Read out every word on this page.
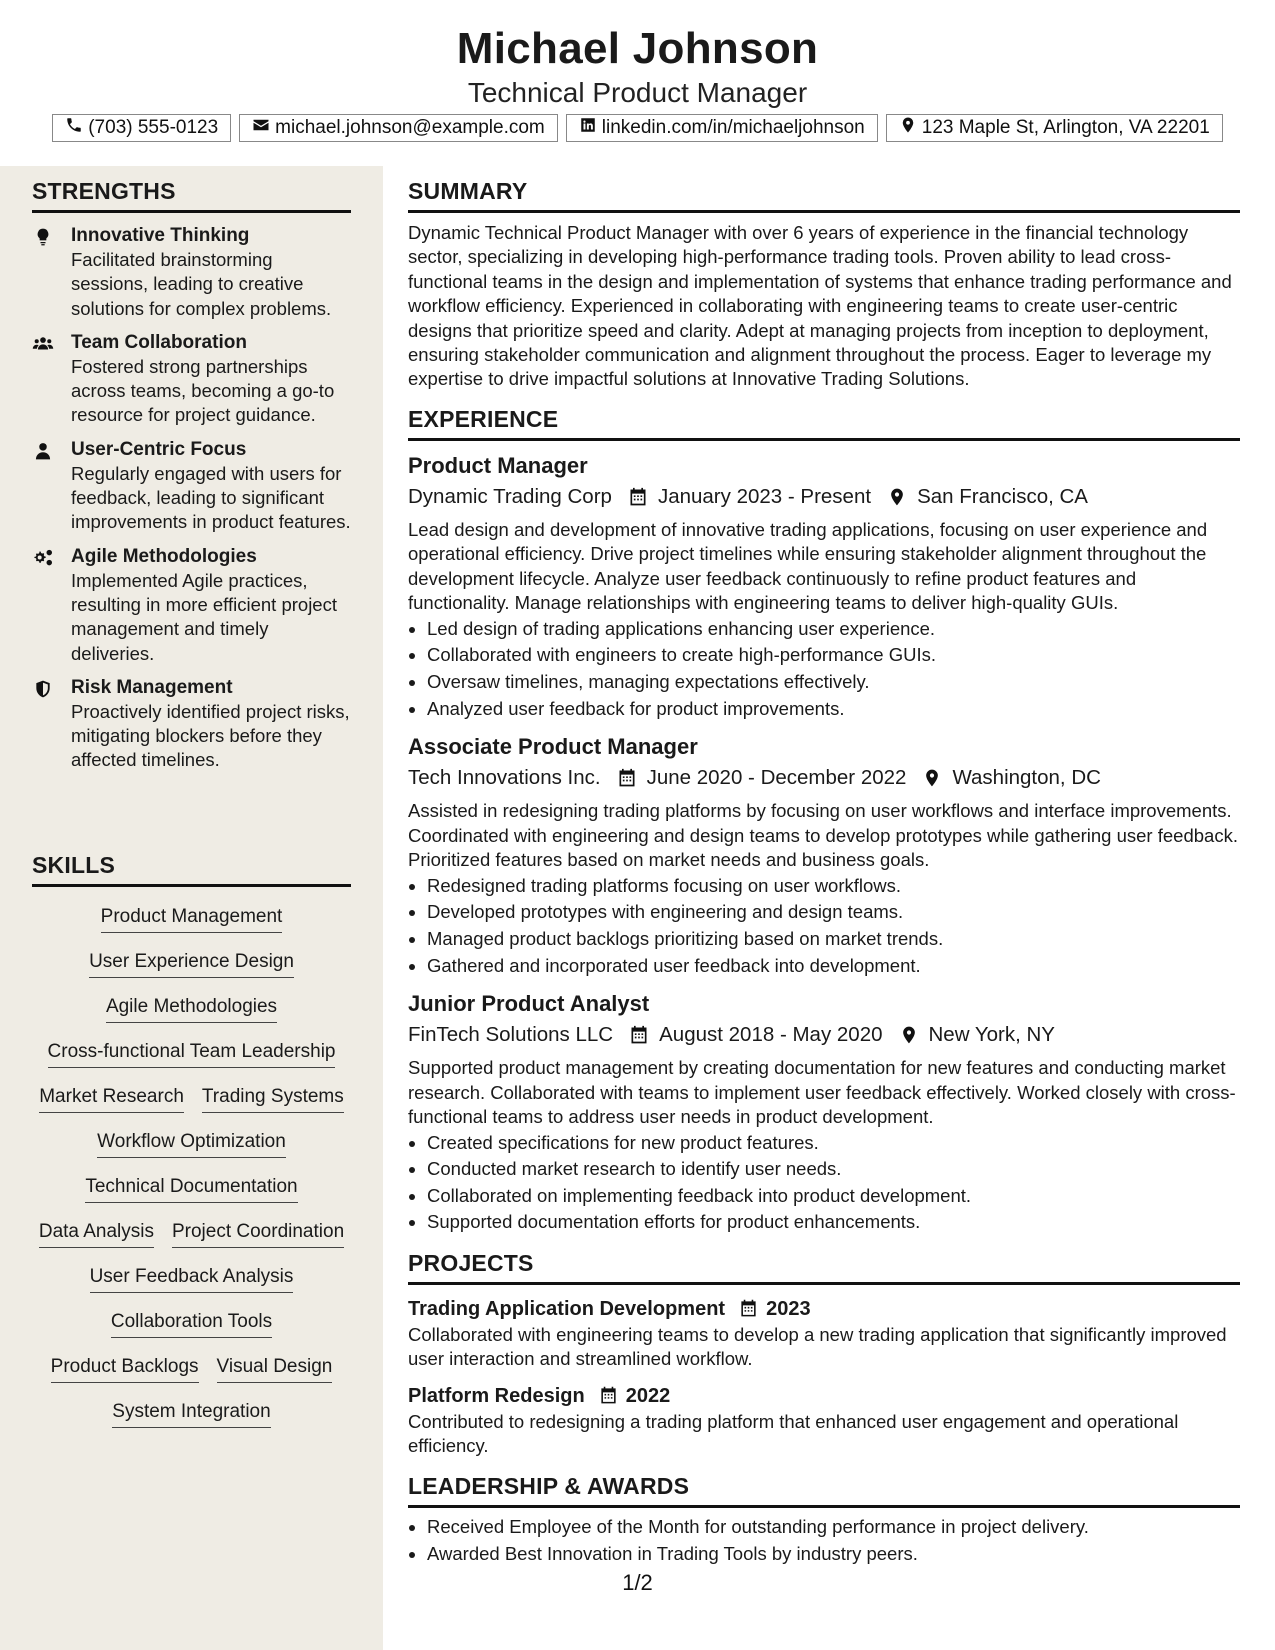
Michael Johnson
Technical Product Manager
(703) 555-0123	michael.johnson@example.com	linkedin.com/in/michaeljohnson	123 Maple St, Arlington, VA 22201
STRENGTHS
Innovative Thinking
Facilitated brainstorming sessions, leading to creative solutions for complex problems.
Team Collaboration
Fostered strong partnerships across teams, becoming a go-to resource for project guidance.
User-Centric Focus
Regularly engaged with users for feedback, leading to significant improvements in product features.
Agile Methodologies
Implemented Agile practices, resulting in more efficient project management and timely deliveries.
Risk Management
Proactively identified project risks, mitigating blockers before they affected timelines.
SKILLS
Product Management
User Experience Design
Agile Methodologies
Cross-functional Team Leadership
Market Research Trading Systems
Workflow Optimization
Technical Documentation
Data Analysis Project Coordination
User Feedback Analysis
Collaboration Tools
Product Backlogs Visual Design
System Integration
SUMMARY
Dynamic Technical Product Manager with over 6 years of experience in the financial technology sector, specializing in developing high-performance trading tools. Proven ability to lead cross-functional teams in the design and implementation of systems that enhance trading performance and workflow efficiency. Experienced in collaborating with engineering teams to create user-centric designs that prioritize speed and clarity. Adept at managing projects from inception to deployment, ensuring stakeholder communication and alignment throughout the process. Eager to leverage my expertise to drive impactful solutions at Innovative Trading Solutions.
EXPERIENCE
Product Manager
Dynamic Trading Corp January 2023 - Present San Francisco, CA
Lead design and development of innovative trading applications, focusing on user experience and operational efficiency. Drive project timelines while ensuring stakeholder alignment throughout the development lifecycle. Analyze user feedback continuously to refine product features and functionality. Manage relationships with engineering teams to deliver high-quality GUIs.
• Led design of trading applications enhancing user experience.
• Collaborated with engineers to create high-performance GUIs.
• Oversaw timelines, managing expectations effectively.
• Analyzed user feedback for product improvements.
Associate Product Manager
Tech Innovations Inc. June 2020 - December 2022 Washington, DC
Assisted in redesigning trading platforms by focusing on user workflows and interface improvements. Coordinated with engineering and design teams to develop prototypes while gathering user feedback. Prioritized features based on market needs and business goals.
• Redesigned trading platforms focusing on user workflows.
• Developed prototypes with engineering and design teams.
• Managed product backlogs prioritizing based on market trends.
• Gathered and incorporated user feedback into development.
Junior Product Analyst
FinTech Solutions LLC August 2018 - May 2020 New York, NY
Supported product management by creating documentation for new features and conducting market research. Collaborated with teams to implement user feedback effectively. Worked closely with cross-functional teams to address user needs in product development.
• Created specifications for new product features.
• Conducted market research to identify user needs.
• Collaborated on implementing feedback into product development.
• Supported documentation efforts for product enhancements.
PROJECTS
Trading Application Development 2023
Collaborated with engineering teams to develop a new trading application that significantly improved user interaction and streamlined workflow.
Platform Redesign 2022
Contributed to redesigning a trading platform that enhanced user engagement and operational efficiency.
LEADERSHIP & AWARDS
• Received Employee of the Month for outstanding performance in project delivery.
• Awarded Best Innovation in Trading Tools by industry peers.
1/2
